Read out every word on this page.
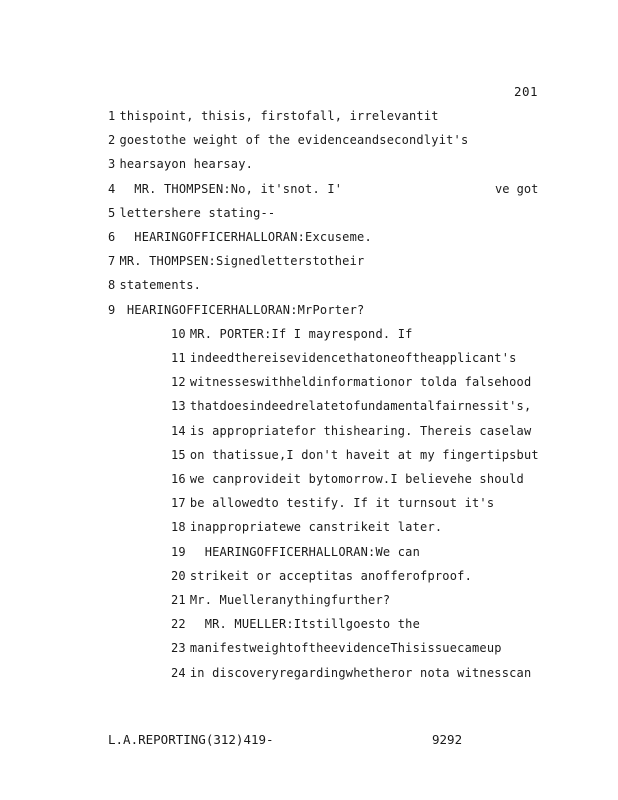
201
1 thispoint, thisis, firstofall, irrelevantit
2 goestothe weight of the evidenceandsecondlyit's
3 hearsayon hearsay.
4  MR. THOMPSEN:No, it'snot. I'	ve got
5 lettershere stating--
6  HEARINGOFFICERHALLORAN:Excuseme.
7 MR. THOMPSEN:Signedletterstotheir
8 statements.
9 HEARINGOFFICERHALLORAN:MrPorter?
10 MR. PORTER:If I mayrespond. If
11 indeedthereisevidencethatoneoftheapplicant's
12 witnesseswithheldinformationor tolda falsehood
13 thatdoesindeedrelatetofundamentalfairnessit's,
14 is appropriatefor thishearing. Thereis caselaw
15 on thatissue,I don't haveit at my fingertipsbut
16 we canprovideit bytomorrow.I believehe should
17 be allowedto testify. If it turnsout it's
18 inappropriatewe canstrikeit later.
19  HEARINGOFFICERHALLORAN:We can
20 strikeit or acceptitas anofferofproof.
21 Mr. Muelleranythingfurther?
22  MR. MUELLER:Itstillgoesto the
23 manifestweightoftheevidenceThisissuecameup
24 in discoveryregardingwhetheror nota witnesscan
L.A.REPORTING(312)419-	9292
